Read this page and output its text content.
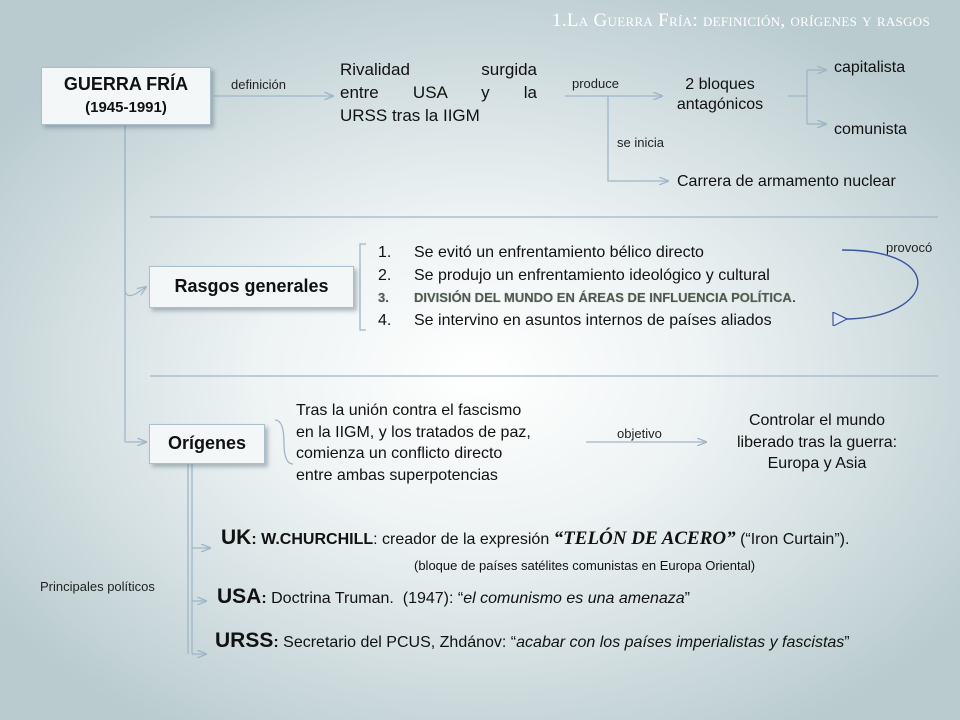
1.La Guerra Fría: definición, orígenes y rasgos
GUERRA FRÍA
(1945-1991)
definición
Rivalidad surgida
entre USA y la
URSS tras la IIGM
produce	2 bloques
antagónicos
capitalista
comunista
se inicia
Carrera de armamento nuclear
Rasgos generales
1. Se evitó un enfrentamiento bélico directo
2. Se produjo un enfrentamiento ideológico y cultural
3. DIVISIÓN DEL MUNDO EN ÁREAS DE INFLUENCIA POLÍTICA.
4. Se intervino en asuntos internos de países aliados
provocó
Orígenes
Tras la unión contra el fascismo
en la IIGM, y los tratados de paz,
comienza un conflicto directo
entre ambas superpotencias
objetivo
Controlar el mundo
liberado tras la guerra:
Europa y Asia
Principales políticos
UK: W.CHURCHILL: creador de la expresión “TELÓN DE ACERO” (“Iron Curtain”).
(bloque de países satélites comunistas en Europa Oriental)
USA: Doctrina Truman. (1947): “el comunismo es una amenaza”
URSS: Secretario del PCUS, Zhdánov: “acabar con los países imperialistas y fascistas”
